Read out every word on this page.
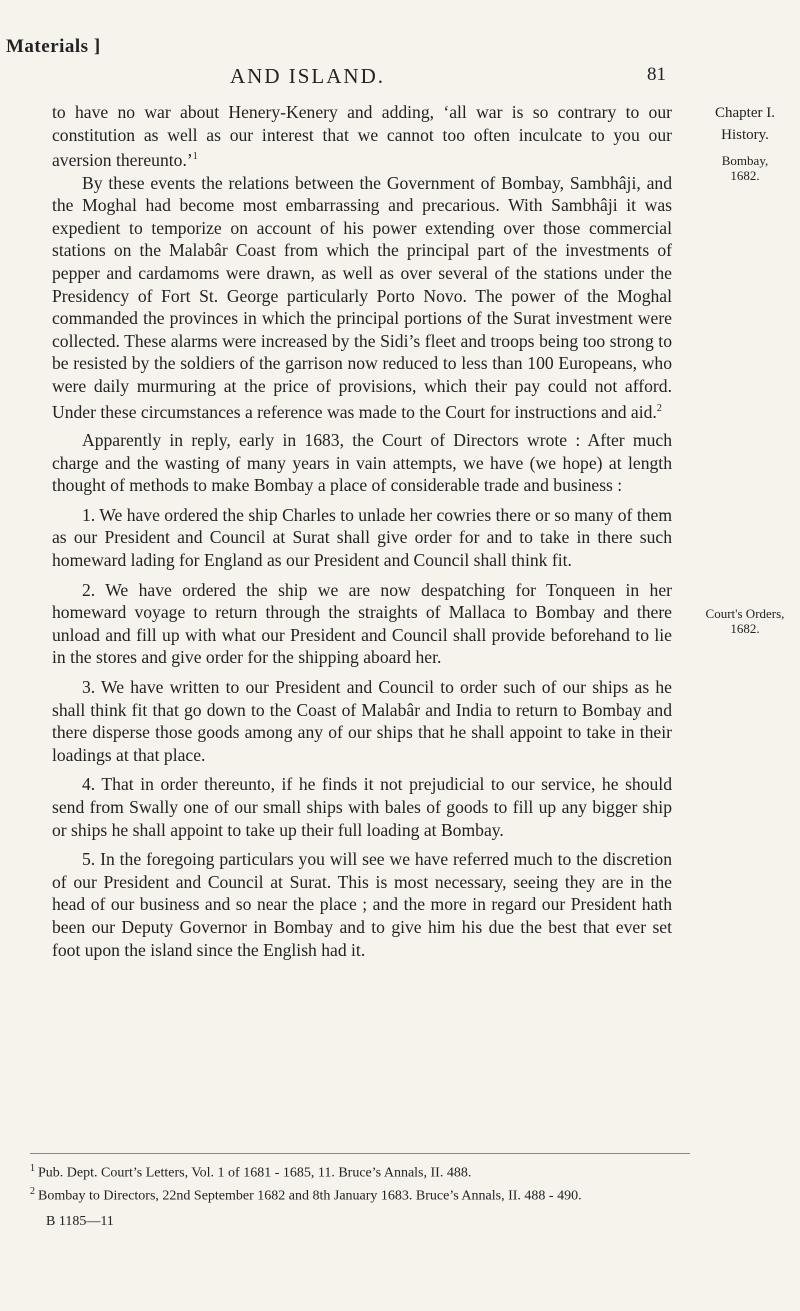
Materials ]
AND ISLAND.	81
Chapter I.
History.
Bombay,
1682.
Court's Orders,
1682.

to have no war about Henery-Kenery and adding, ‘all war is so contrary to our constitution as well as our interest that we cannot too often inculcate to you our aversion thereunto.’$^1$

By these events the relations between the Government of Bombay, Sambhâji, and the Moghal had become most embarrassing and precarious. With Sambhâji it was expedient to temporize on account of his power extending over those commercial stations on the Malabâr Coast from which the principal part of the investments of pepper and cardamoms were drawn, as well as over several of the stations under the Presidency of Fort St. George particularly Porto Novo. The power of the Moghal commanded the provinces in which the principal portions of the Surat investment were collected. These alarms were increased by the Sidi’s fleet and troops being too strong to be resisted by the soldiers of the garrison now reduced to less than 100 Europeans, who were daily murmuring at the price of provisions, which their pay could not afford. Under these circumstances a reference was made to the Court for instructions and aid.$^2$

Apparently in reply, early in 1683, the Court of Directors wrote : After much charge and the wasting of many years in vain attempts, we have (we hope) at length thought of methods to make Bombay a place of considerable trade and business :

1. We have ordered the ship Charles to unlade her cowries there or so many of them as our President and Council at Surat shall give order for and to take in there such homeward lading for England as our President and Council shall think fit.

2. We have ordered the ship we are now despatching for Tonqueen in her homeward voyage to return through the straights of Mallaca to Bombay and there unload and fill up with what our President and Council shall provide beforehand to lie in the stores and give order for the shipping aboard her.

3. We have written to our President and Council to order such of our ships as he shall think fit that go down to the Coast of Malabâr and India to return to Bombay and there disperse those goods among any of our ships that he shall appoint to take in their loadings at that place.

4. That in order thereunto, if he finds it not prejudicial to our service, he should send from Swally one of our small ships with bales of goods to fill up any bigger ship or ships he shall appoint to take up their full loading at Bombay.

5. In the foregoing particulars you will see we have referred much to the discretion of our President and Council at Surat. This is most necessary, seeing they are in the head of our business and so near the place ; and the more in regard our President hath been our Deputy Governor in Bombay and to give him his due the best that ever set foot upon the island since the English had it.

$^1$ Pub. Dept. Court’s Letters, Vol. 1 of 1681 - 1685, 11. Bruce’s Annals, II. 488.
$^2$ Bombay to Directors, 22nd September 1682 and 8th January 1683. Bruce’s Annals, II. 488 - 490.
B 1185—11
